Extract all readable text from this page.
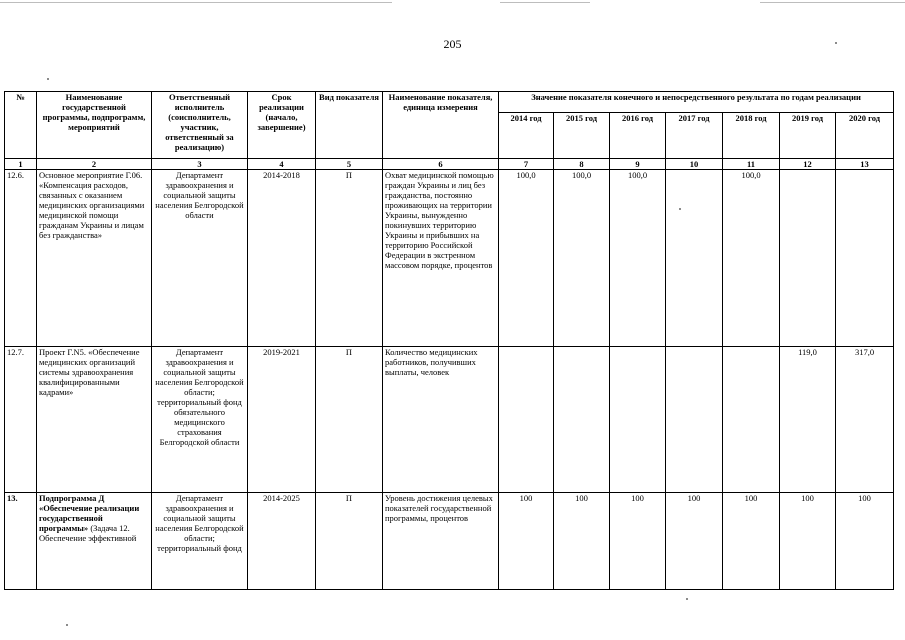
205
№	Наименование государственной программы, подпрограмм, мероприятий	Ответственный исполнитель (соисполнитель, участник, ответственный за реализацию)	Срок реализации (начало, завершение)	Вид показателя	Наименование показателя, единица измерения	Значение показателя конечного и непосредственного результата по годам реализации						
						2014 год	2015 год	2016 год	2017 год	2018 год	2019 год	2020 год
1	2	3	4	5	6	7	8	9	10	11	12	13
12.6.	Основное мероприятие Г.06. «Компенсация расходов, связанных с оказанием медицинских организациями медицинской помощи гражданам Украины и лицам без гражданства»	Департамент здравоохранения и социальной защиты населения Белгородской области	2014-2018	П	Охват медицинской помощью граждан Украины и лиц без гражданства, постоянно проживающих на территории Украины, вынужденно покинувших территорию Украины и прибывших на территорию Российской Федерации в экстренном массовом порядке, процентов	100,0	100,0	100,0		100,0		
12.7.	Проект Г.N5. «Обеспечение медицинских организаций системы здравоохранения квалифицированными кадрами»	Департамент здравоохранения и социальной защиты населения Белгородской области; территориальный фонд обязательного медицинского страхования Белгородской области	2019-2021	П	Количество медицинских работников, получивших выплаты, человек						119,0	317,0
13.	Подпрограмма Д «Обеспечение реализации государственной программы» (Задача 12. Обеспечение эффективной	Департамент здравоохранения и социальной защиты населения Белгородской области; территориальный фонд	2014-2025	П	Уровень достижения целевых показателей государственной программы, процентов	100	100	100	100	100	100	100
